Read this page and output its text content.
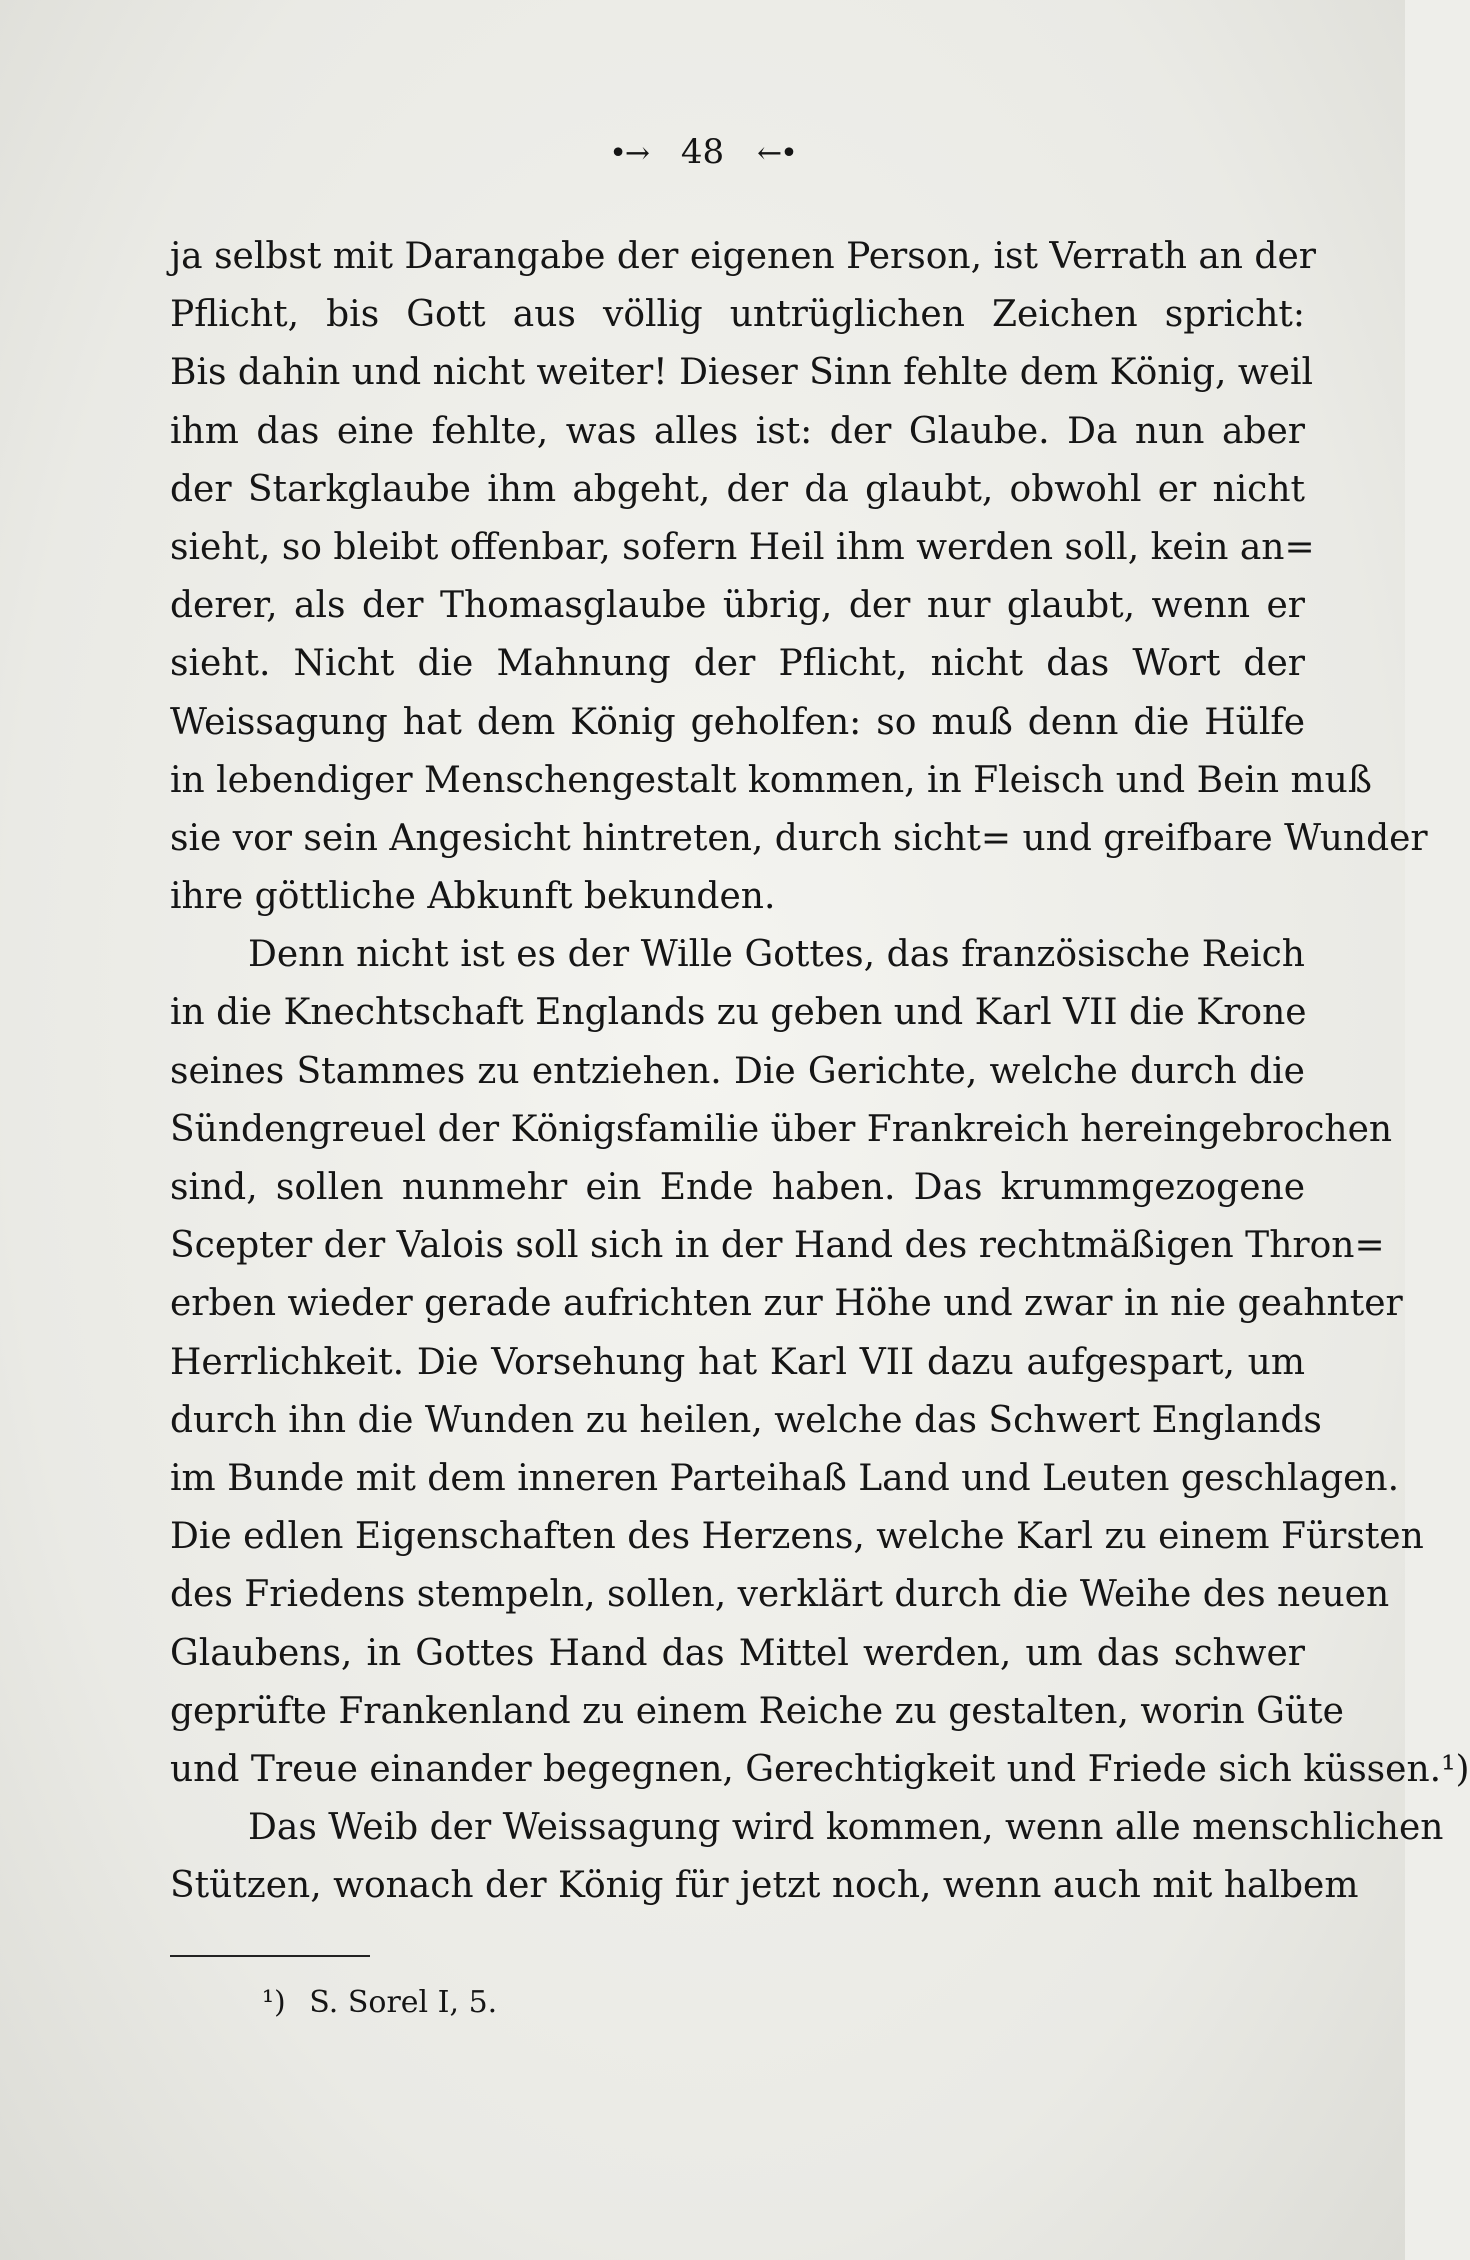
•→ 48 ←•
ja selbst mit Darangabe der eigenen Person, ist Verrath an der
Pflicht, bis Gott aus völlig untrüglichen Zeichen spricht:
Bis dahin und nicht weiter! Dieser Sinn fehlte dem König, weil
ihm das eine fehlte, was alles ist: der Glaube. Da nun aber
der Starkglaube ihm abgeht, der da glaubt, obwohl er nicht
sieht, so bleibt offenbar, sofern Heil ihm werden soll, kein an=
derer, als der Thomasglaube übrig, der nur glaubt, wenn er
sieht. Nicht die Mahnung der Pflicht, nicht das Wort der
Weissagung hat dem König geholfen: so muß denn die Hülfe
in lebendiger Menschengestalt kommen, in Fleisch und Bein muß
sie vor sein Angesicht hintreten, durch sicht= und greifbare Wunder
ihre göttliche Abkunft bekunden.
Denn nicht ist es der Wille Gottes, das französische Reich
in die Knechtschaft Englands zu geben und Karl VII die Krone
seines Stammes zu entziehen. Die Gerichte, welche durch die
Sündengreuel der Königsfamilie über Frankreich hereingebrochen
sind, sollen nunmehr ein Ende haben. Das krummgezogene
Scepter der Valois soll sich in der Hand des rechtmäßigen Thron=
erben wieder gerade aufrichten zur Höhe und zwar in nie geahnter
Herrlichkeit. Die Vorsehung hat Karl VII dazu aufgespart, um
durch ihn die Wunden zu heilen, welche das Schwert Englands
im Bunde mit dem inneren Parteihaß Land und Leuten geschlagen.
Die edlen Eigenschaften des Herzens, welche Karl zu einem Fürsten
des Friedens stempeln, sollen, verklärt durch die Weihe des neuen
Glaubens, in Gottes Hand das Mittel werden, um das schwer
geprüfte Frankenland zu einem Reiche zu gestalten, worin Güte
und Treue einander begegnen, Gerechtigkeit und Friede sich küssen.¹)
Das Weib der Weissagung wird kommen, wenn alle menschlichen
Stützen, wonach der König für jetzt noch, wenn auch mit halbem
¹) S. Sorel I, 5.
